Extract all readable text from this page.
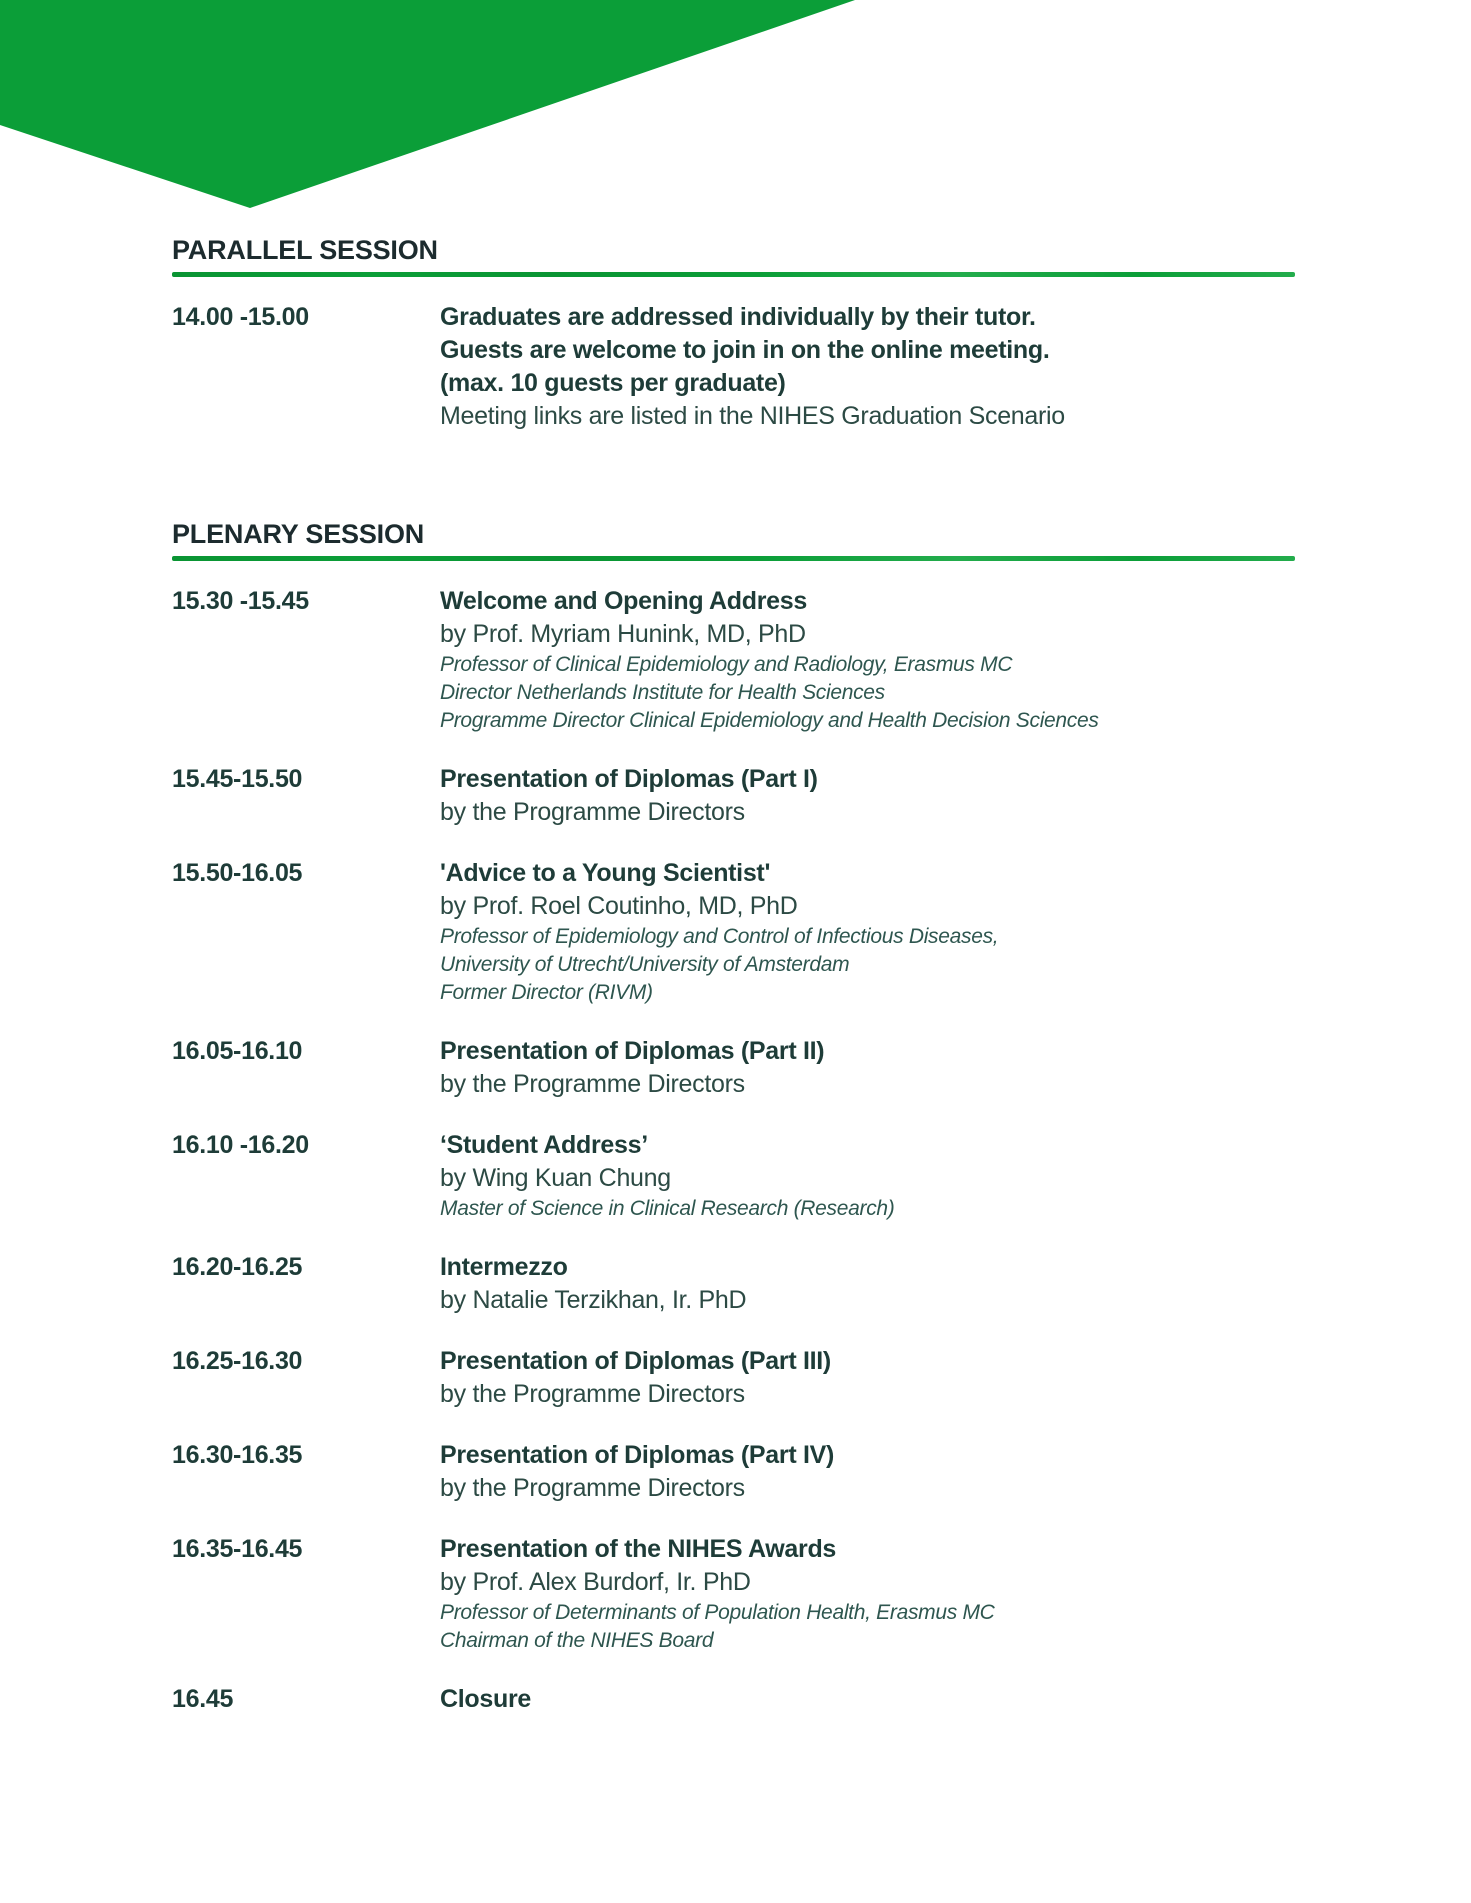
PARALLEL SESSION
14.00 -15.00	Graduates are addressed individually by their tutor.
Guests are welcome to join in on the online meeting.
(max. 10 guests per graduate)
Meeting links are listed in the NIHES Graduation Scenario
PLENARY SESSION
15.30 -15.45	Welcome and Opening Address
by Prof. Myriam Hunink, MD, PhD
Professor of Clinical Epidemiology and Radiology, Erasmus MC
Director Netherlands Institute for Health Sciences
Programme Director Clinical Epidemiology and Health Decision Sciences
15.45-15.50	Presentation of Diplomas (Part I)
by the Programme Directors
15.50-16.05	'Advice to a Young Scientist'
by Prof. Roel Coutinho, MD, PhD
Professor of Epidemiology and Control of Infectious Diseases,
University of Utrecht/University of Amsterdam
Former Director (RIVM)
16.05-16.10	Presentation of Diplomas (Part II)
by the Programme Directors
16.10 -16.20	‘Student Address’
by Wing Kuan Chung
Master of Science in Clinical Research (Research)
16.20-16.25	Intermezzo
by Natalie Terzikhan, Ir. PhD
16.25-16.30	Presentation of Diplomas (Part III)
by the Programme Directors
16.30-16.35	Presentation of Diplomas (Part IV)
by the Programme Directors
16.35-16.45	Presentation of the NIHES Awards
by Prof. Alex Burdorf, Ir. PhD
Professor of Determinants of Population Health, Erasmus MC
Chairman of the NIHES Board
16.45	Closure
